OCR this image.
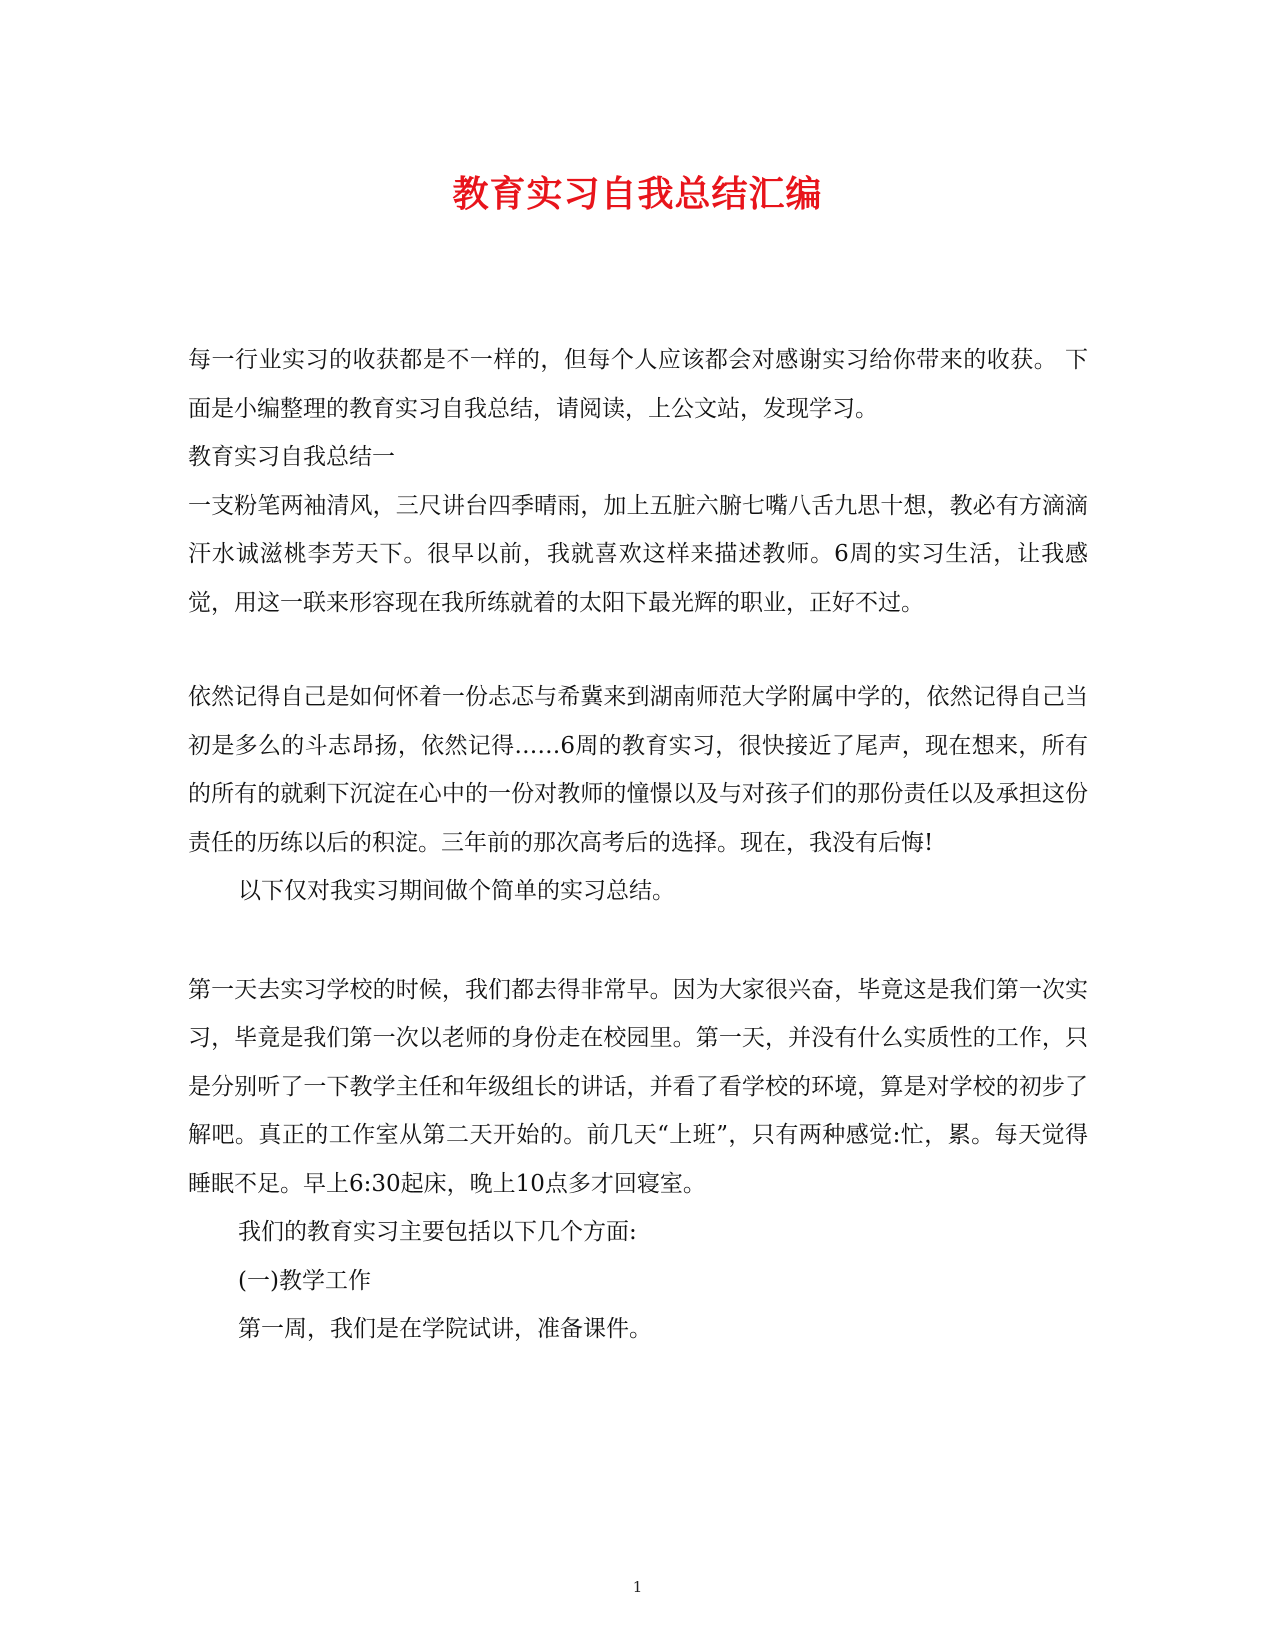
教育实习自我总结汇编

每一行业实习的收获都是不一样的，但每个人应该都会对感谢实习给你带来的收获。 下面是小编整理的教育实习自我总结，请阅读，上公文站，发现学习。

教育实习自我总结一

一支粉笔两袖清风，三尺讲台四季晴雨，加上五脏六腑七嘴八舌九思十想，教必有方滴滴汗水诚滋桃李芳天下。很早以前，我就喜欢这样来描述教师。6周的实习生活，让我感觉，用这一联来形容现在我所练就着的太阳下最光辉的职业，正好不过。

依然记得自己是如何怀着一份忐忑与希冀来到湖南师范大学附属中学的，依然记得自己当初是多么的斗志昂扬，依然记得……6周的教育实习，很快接近了尾声，现在想来，所有的所有的就剩下沉淀在心中的一份对教师的憧憬以及与对孩子们的那份责任以及承担这份责任的历练以后的积淀。三年前的那次高考后的选择。现在，我没有后悔!

以下仅对我实习期间做个简单的实习总结。

第一天去实习学校的时候，我们都去得非常早。因为大家很兴奋，毕竟这是我们第一次实习，毕竟是我们第一次以老师的身份走在校园里。第一天，并没有什么实质性的工作，只是分别听了一下教学主任和年级组长的讲话，并看了看学校的环境，算是对学校的初步了解吧。真正的工作室从第二天开始的。前几天“上班”，只有两种感觉:忙，累。每天觉得睡眠不足。早上6:30起床，晚上10点多才回寝室。

我们的教育实习主要包括以下几个方面:

(一)教学工作

第一周，我们是在学院试讲，准备课件。

1
